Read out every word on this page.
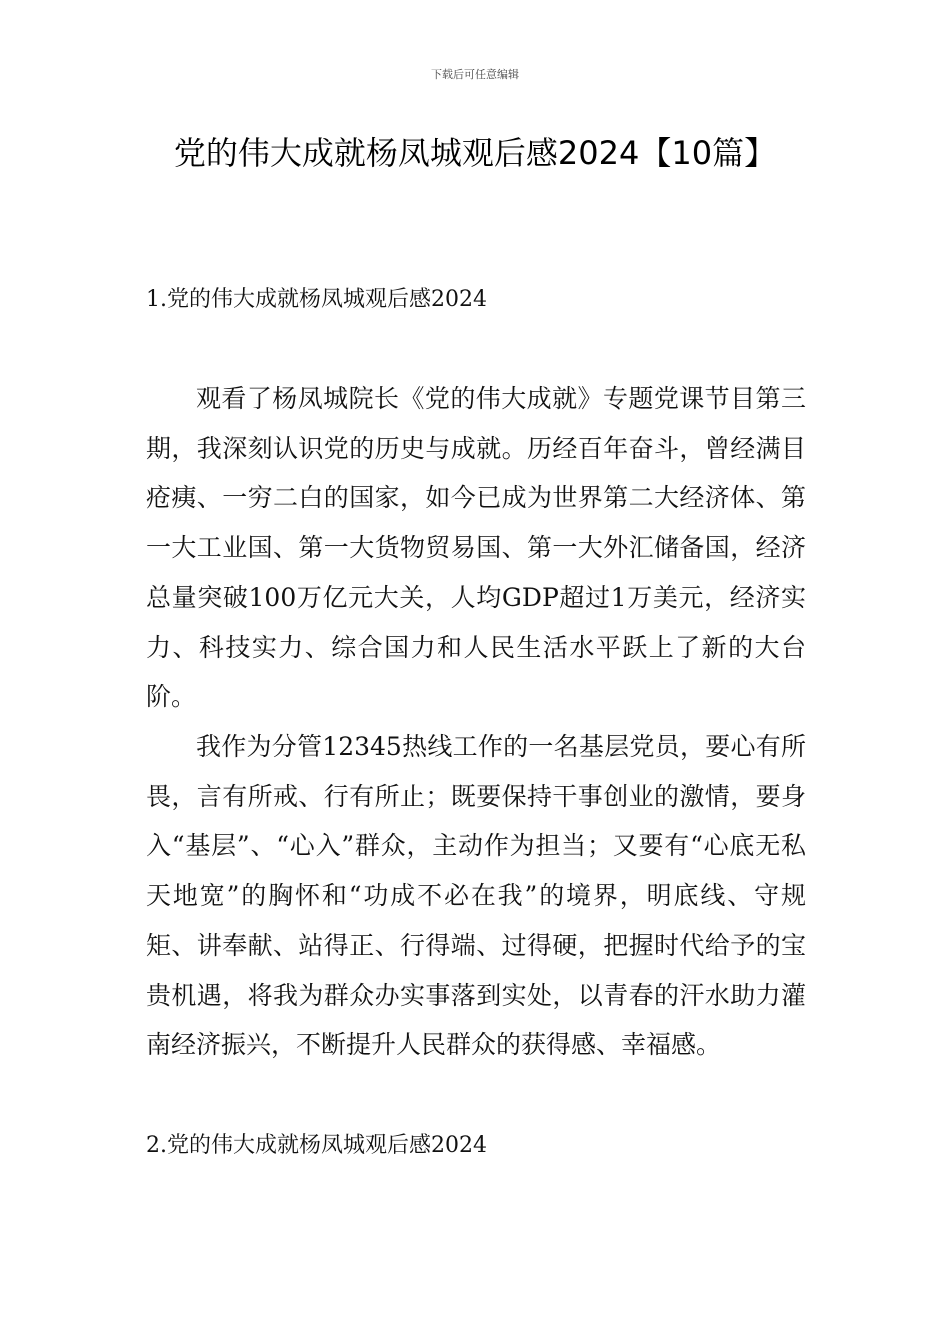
下载后可任意编辑
党的伟大成就杨凤城观后感2024【10篇】
1.党的伟大成就杨凤城观后感2024

观看了杨凤城院长《党的伟大成就》专题党课节目第三期，我深刻认识党的历史与成就。历经百年奋斗，曾经满目疮痍、一穷二白的国家，如今已成为世界第二大经济体、第一大工业国、第一大货物贸易国、第一大外汇储备国，经济总量突破100万亿元大关，人均GDP超过1万美元，经济实力、科技实力、综合国力和人民生活水平跃上了新的大台阶。

我作为分管12345热线工作的一名基层党员，要心有所畏，言有所戒、行有所止；既要保持干事创业的激情，要身入“基层”、“心入”群众，主动作为担当；又要有“心底无私天地宽”的胸怀和“功成不必在我”的境界，明底线、守规矩、讲奉献、站得正、行得端、过得硬，把握时代给予的宝贵机遇，将我为群众办实事落到实处，以青春的汗水助力灌南经济振兴，不断提升人民群众的获得感、幸福感。

2.党的伟大成就杨凤城观后感2024
